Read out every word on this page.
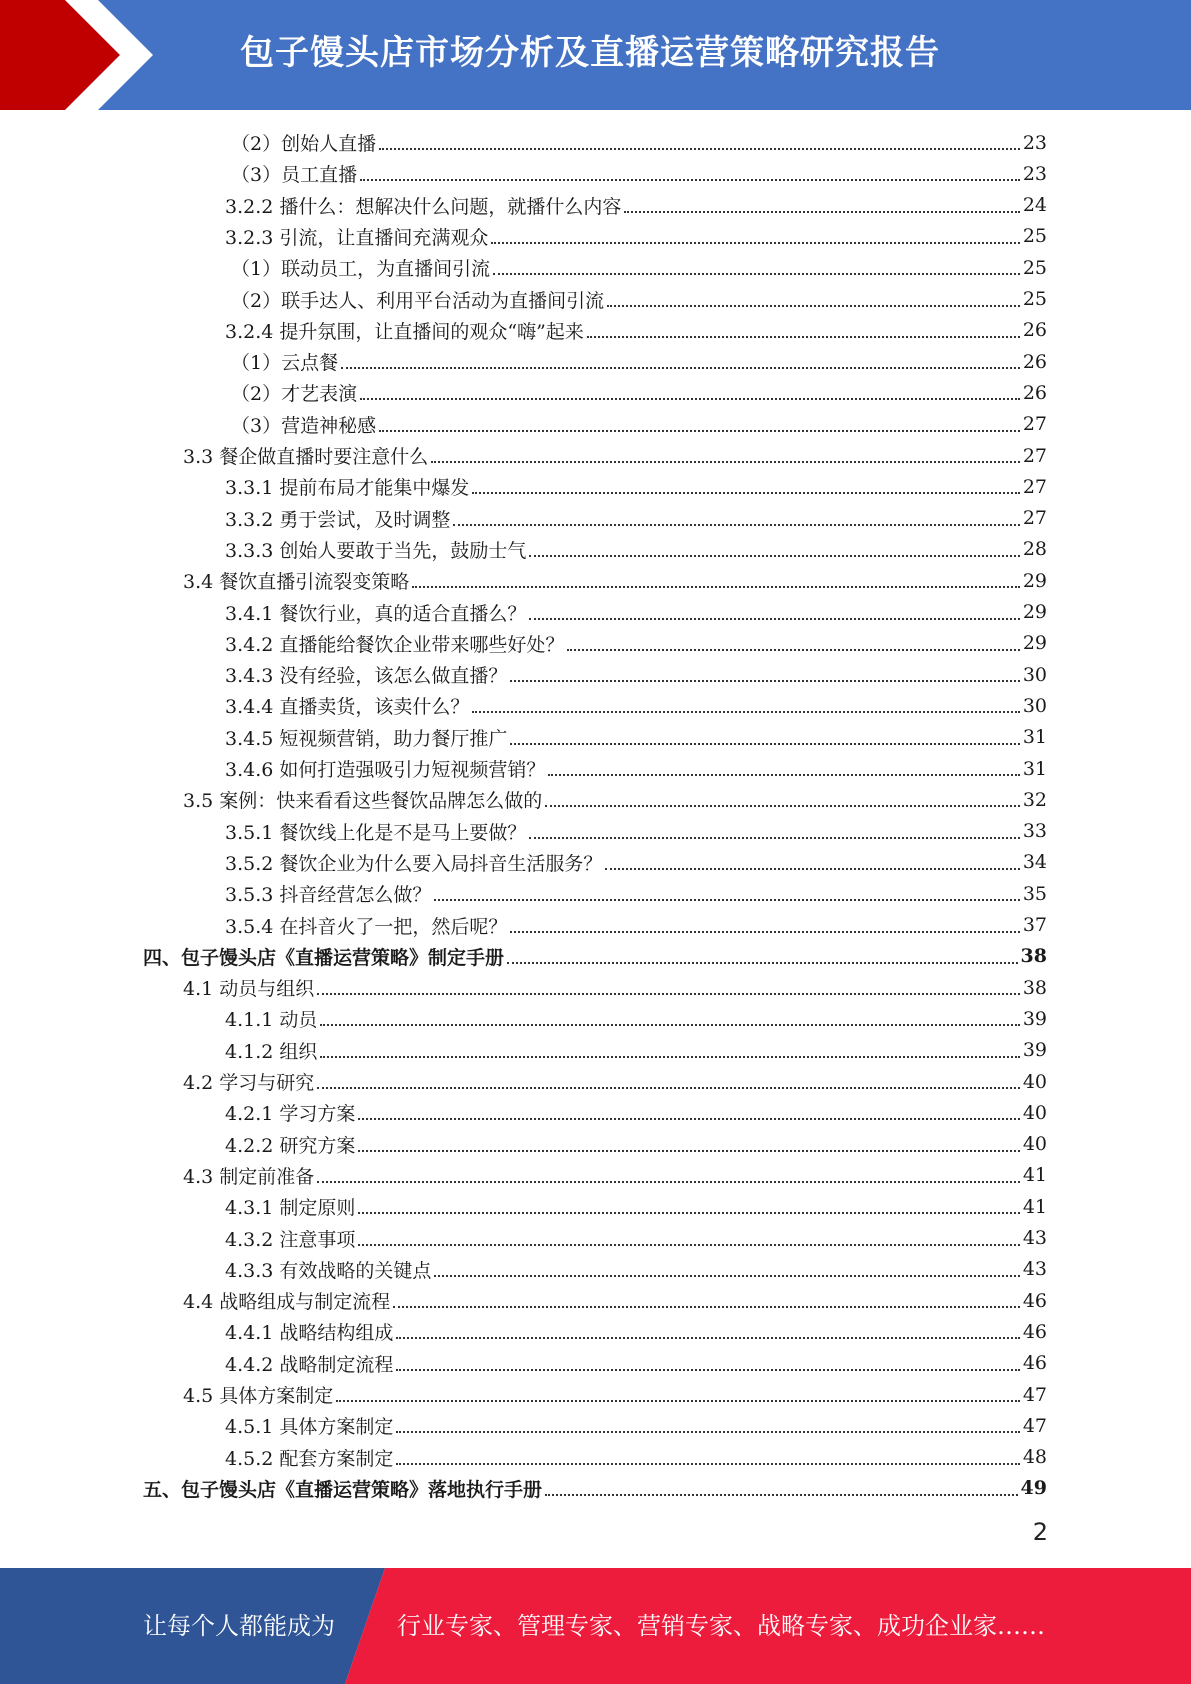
包子馒头店市场分析及直播运营策略研究报告
（2）创始人直播	23
（3）员工直播	23
3.2.2 播什么：想解决什么问题，就播什么内容	24
3.2.3 引流，让直播间充满观众	25
（1）联动员工，为直播间引流	25
（2）联手达人、利用平台活动为直播间引流	25
3.2.4 提升氛围，让直播间的观众“嗨”起来	26
（1）云点餐	26
（2）才艺表演	26
（3）营造神秘感	27
3.3 餐企做直播时要注意什么	27
3.3.1 提前布局才能集中爆发	27
3.3.2 勇于尝试，及时调整	27
3.3.3 创始人要敢于当先，鼓励士气	28
3.4 餐饮直播引流裂变策略	29
3.4.1 餐饮行业，真的适合直播么？	29
3.4.2 直播能给餐饮企业带来哪些好处？	29
3.4.3 没有经验，该怎么做直播？	30
3.4.4 直播卖货，该卖什么？	30
3.4.5 短视频营销，助力餐厅推广	31
3.4.6 如何打造强吸引力短视频营销？	31
3.5 案例：快来看看这些餐饮品牌怎么做的	32
3.5.1 餐饮线上化是不是马上要做？	33
3.5.2 餐饮企业为什么要入局抖音生活服务？	34
3.5.3 抖音经营怎么做？	35
3.5.4 在抖音火了一把，然后呢？	37
四、包子馒头店《直播运营策略》制定手册	38
4.1 动员与组织	38
4.1.1 动员	39
4.1.2 组织	39
4.2 学习与研究	40
4.2.1 学习方案	40
4.2.2 研究方案	40
4.3 制定前准备	41
4.3.1 制定原则	41
4.3.2 注意事项	43
4.3.3 有效战略的关键点	43
4.4 战略组成与制定流程	46
4.4.1 战略结构组成	46
4.4.2 战略制定流程	46
4.5 具体方案制定	47
4.5.1 具体方案制定	47
4.5.2 配套方案制定	48
五、包子馒头店《直播运营策略》落地执行手册	49
2
让每个人都能成为	行业专家、管理专家、营销专家、战略专家、成功企业家……
